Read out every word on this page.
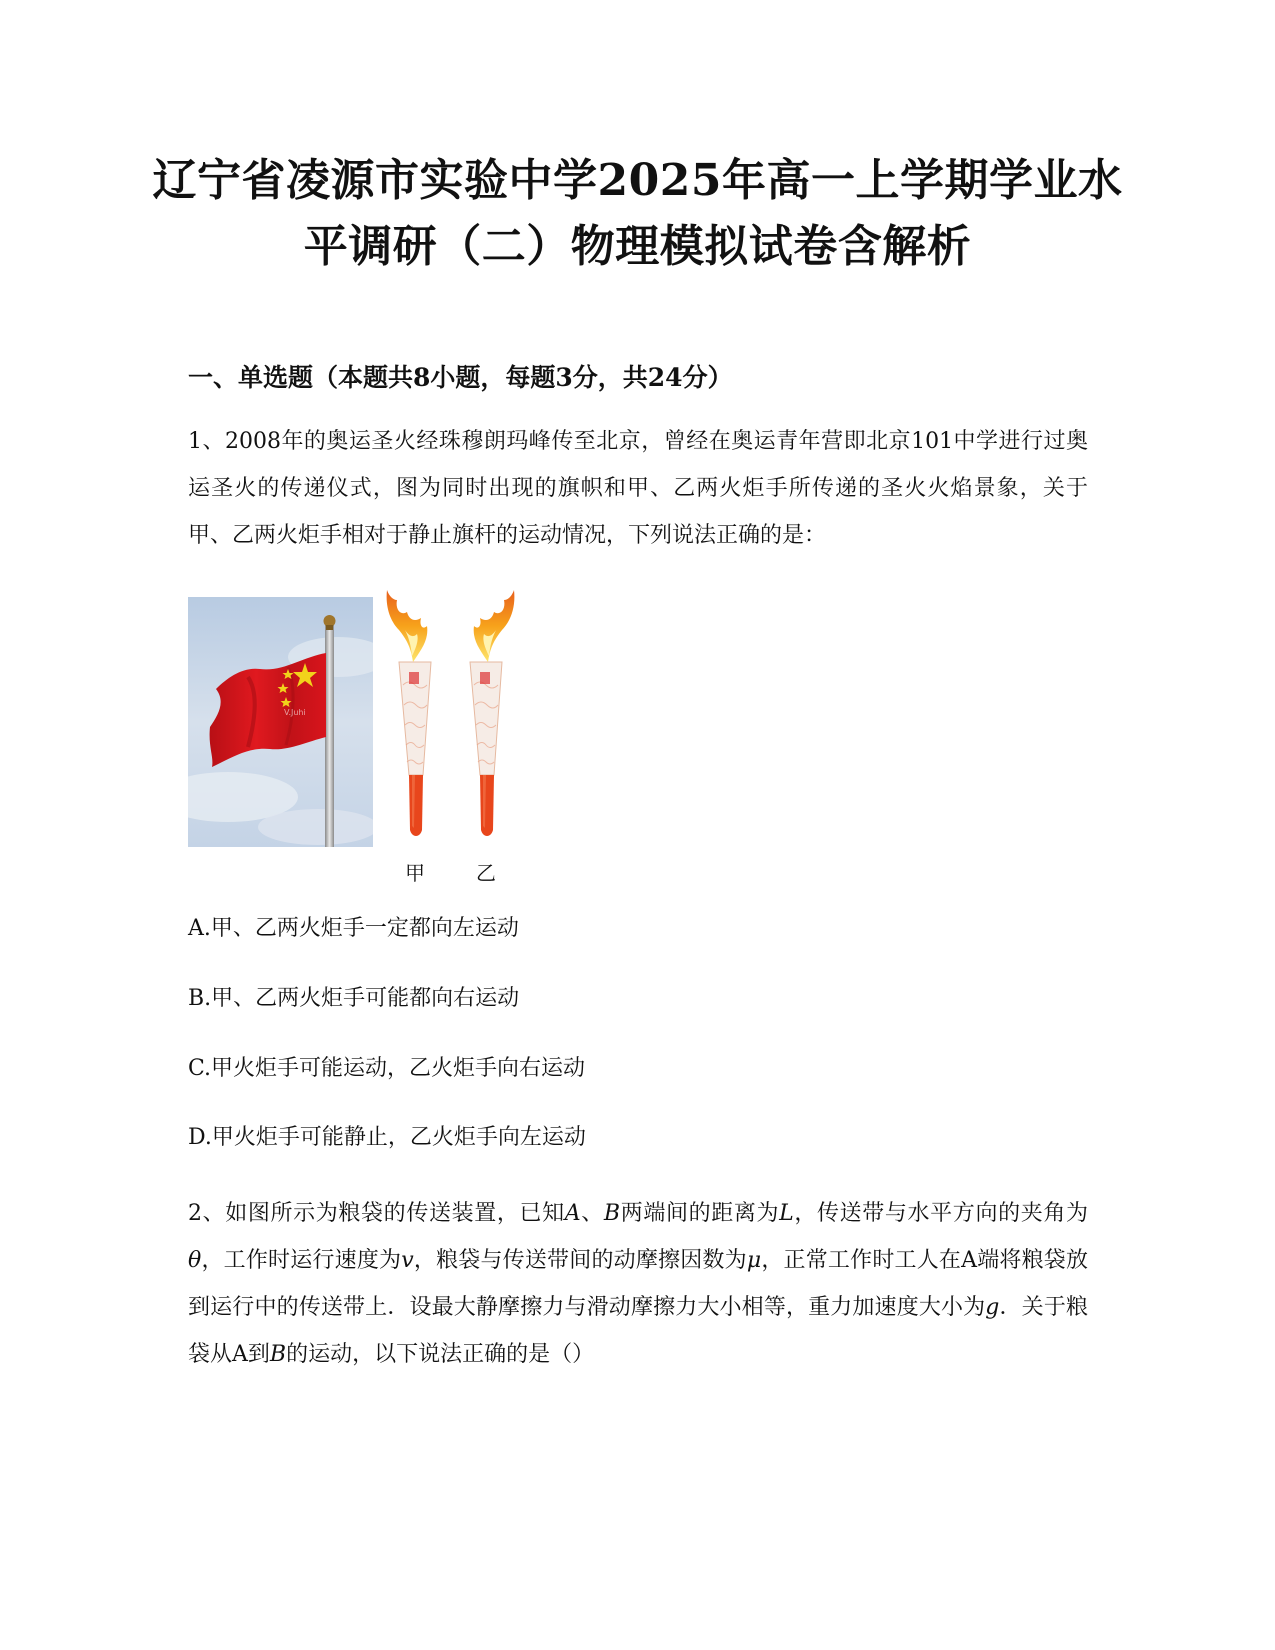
辽宁省凌源市实验中学2025年高一上学期学业水平调研（二）物理模拟试卷含解析
一、单选题（本题共8小题，每题3分，共24分）
1、2008年的奥运圣火经珠穆朗玛峰传至北京，曾经在奥运青年营即北京101中学进行过奥运圣火的传递仪式，图为同时出现的旗帜和甲、乙两火炬手所传递的圣火火焰景象，关于甲、乙两火炬手相对于静止旗杆的运动情况，下列说法正确的是：
V.Juhi
甲	乙
A.甲、乙两火炬手一定都向左运动
B.甲、乙两火炬手可能都向右运动
C.甲火炬手可能运动，乙火炬手向右运动
D.甲火炬手可能静止，乙火炬手向左运动
2、如图所示为粮袋的传送装置，已知A、B两端间的距离为L，传送带与水平方向的夹角为θ，工作时运行速度为v，粮袋与传送带间的动摩擦因数为μ，正常工作时工人在A端将粮袋放到运行中的传送带上．设最大静摩擦力与滑动摩擦力大小相等，重力加速度大小为g．关于粮袋从A到B的运动，以下说法正确的是（）
